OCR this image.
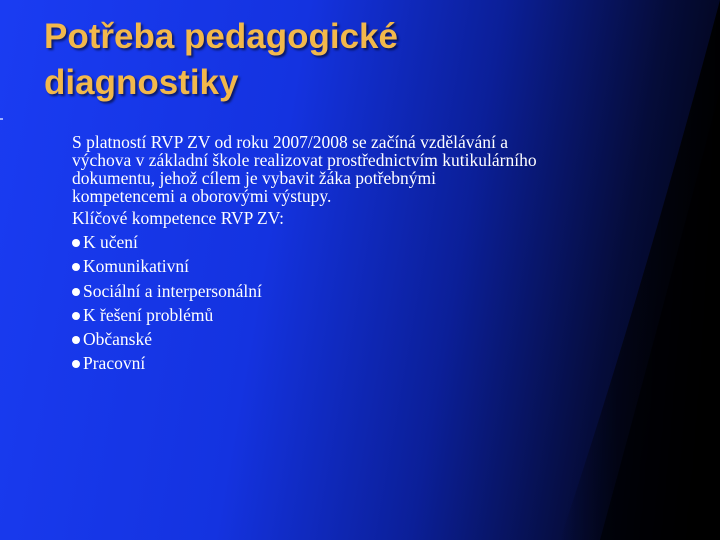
Potřeba pedagogické
diagnostiky
S platností RVP ZV od roku 2007/2008 se začíná vzdělávání a výchova v základní škole realizovat prostřednictvím kutikulárního dokumentu, jehož cílem je vybavit žáka potřebnými kompetencemi a oborovými výstupy.
Klíčové kompetence RVP ZV:
K učení
Komunikativní
Sociální a interpersonální
K řešení problémů
Občanské
Pracovní
